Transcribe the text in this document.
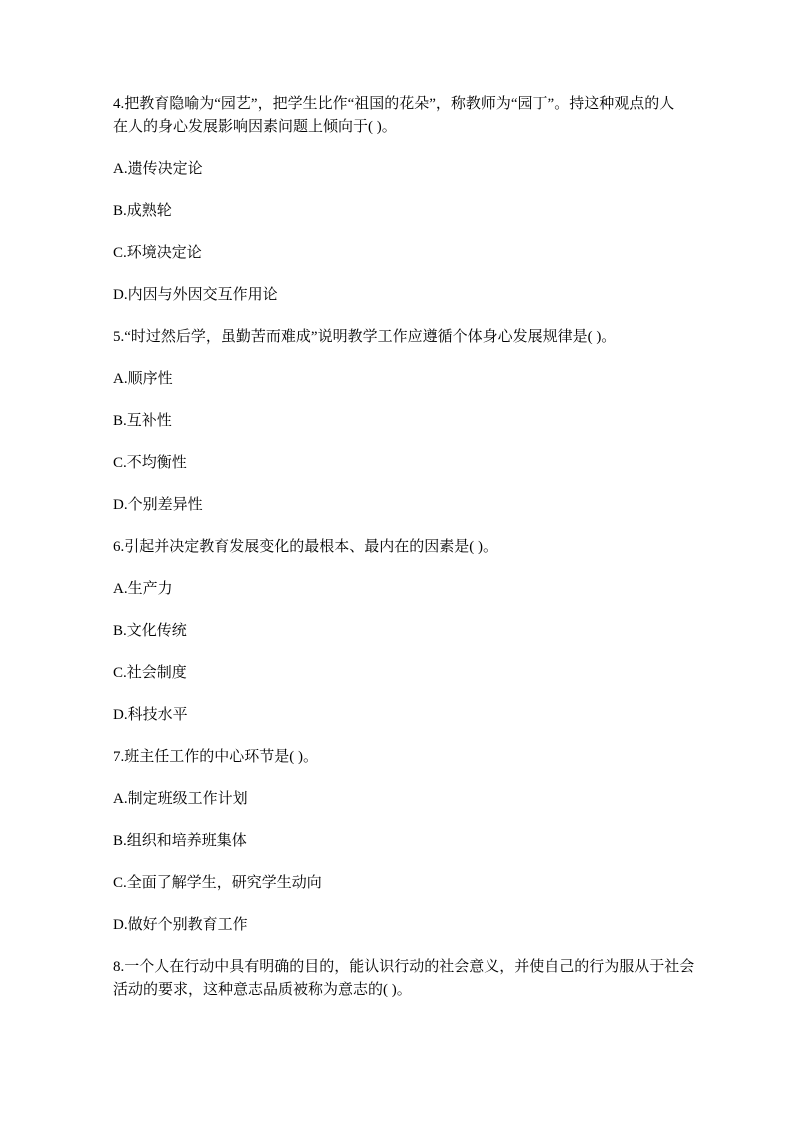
4.把教育隐喻为“园艺”，把学生比作“祖国的花朵”，称教师为“园丁”。持这种观点的人
在人的身心发展影响因素问题上倾向于( )。

A.遗传决定论

B.成熟轮

C.环境决定论

D.内因与外因交互作用论

5.“时过然后学，虽勤苦而难成”说明教学工作应遵循个体身心发展规律是( )。

A.顺序性

B.互补性

C.不均衡性

D.个别差异性

6.引起并决定教育发展变化的最根本、最内在的因素是( )。

A.生产力

B.文化传统

C.社会制度

D.科技水平

7.班主任工作的中心环节是( )。

A.制定班级工作计划

B.组织和培养班集体

C.全面了解学生，研究学生动向

D.做好个别教育工作

8.一个人在行动中具有明确的目的，能认识行动的社会意义，并使自己的行为服从于社会
活动的要求，这种意志品质被称为意志的( )。
